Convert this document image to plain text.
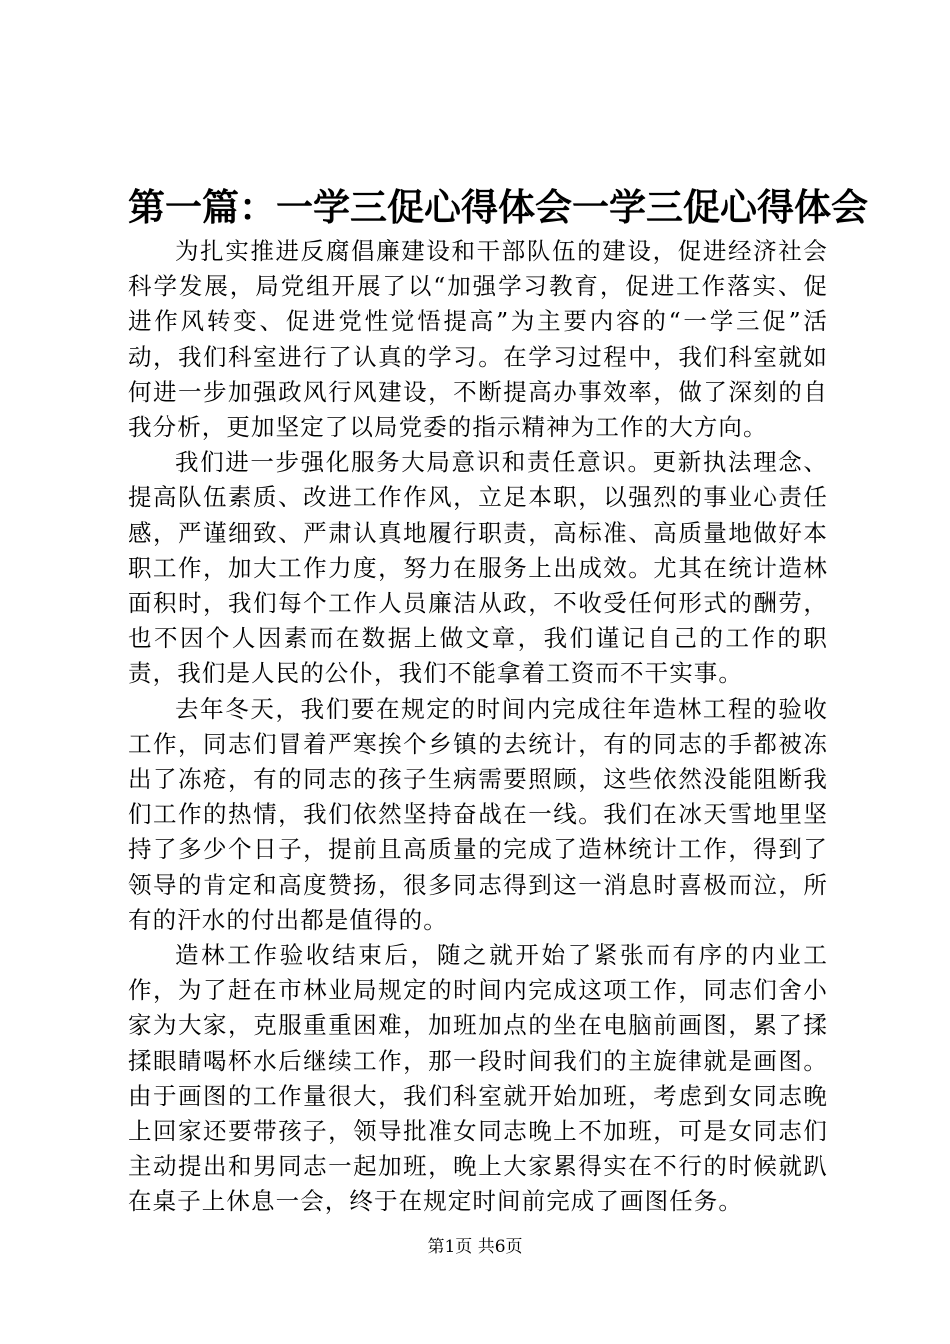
第一篇：一学三促心得体会一学三促心得体会

为扎实推进反腐倡廉建设和干部队伍的建设，促进经济社会科学发展，局党组开展了以“加强学习教育，促进工作落实、促进作风转变、促进党性觉悟提高”为主要内容的“一学三促”活动，我们科室进行了认真的学习。在学习过程中，我们科室就如何进一步加强政风行风建设，不断提高办事效率，做了深刻的自我分析，更加坚定了以局党委的指示精神为工作的大方向。

我们进一步强化服务大局意识和责任意识。更新执法理念、提高队伍素质、改进工作作风，立足本职，以强烈的事业心责任感，严谨细致、严肃认真地履行职责，高标准、高质量地做好本职工作，加大工作力度，努力在服务上出成效。尤其在统计造林面积时，我们每个工作人员廉洁从政，不收受任何形式的酬劳，也不因个人因素而在数据上做文章，我们谨记自己的工作的职责，我们是人民的公仆，我们不能拿着工资而不干实事。

去年冬天，我们要在规定的时间内完成往年造林工程的验收工作，同志们冒着严寒挨个乡镇的去统计，有的同志的手都被冻出了冻疮，有的同志的孩子生病需要照顾，这些依然没能阻断我们工作的热情，我们依然坚持奋战在一线。我们在冰天雪地里坚持了多少个日子，提前且高质量的完成了造林统计工作，得到了领导的肯定和高度赞扬，很多同志得到这一消息时喜极而泣，所有的汗水的付出都是值得的。

造林工作验收结束后，随之就开始了紧张而有序的内业工作，为了赶在市林业局规定的时间内完成这项工作，同志们舍小家为大家，克服重重困难，加班加点的坐在电脑前画图，累了揉揉眼睛喝杯水后继续工作，那一段时间我们的主旋律就是画图。由于画图的工作量很大，我们科室就开始加班，考虑到女同志晚上回家还要带孩子，领导批准女同志晚上不加班，可是女同志们主动提出和男同志一起加班，晚上大家累得实在不行的时候就趴在桌子上休息一会，终于在规定时间前完成了画图任务。

第1页 共6页
